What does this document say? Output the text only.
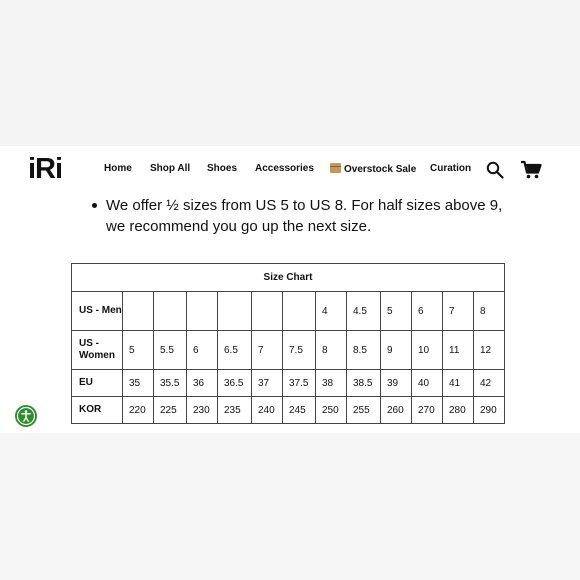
iRi	Home Shop All Shoes Accessories	Overstock Sale Curation
We offer ½ sizes from US 5 to US 8. For half sizes above 9, we recommend you go up the next size.
Size Chart												
US - Men							4	4.5	5	6	7	8
US - Women	5	5.5	6	6.5	7	7.5	8	8.5	9	10	11	12
EU	35	35.5	36	36.5	37	37.5	38	38.5	39	40	41	42
KOR	220	225	230	235	240	245	250	255	260	270	280	290
